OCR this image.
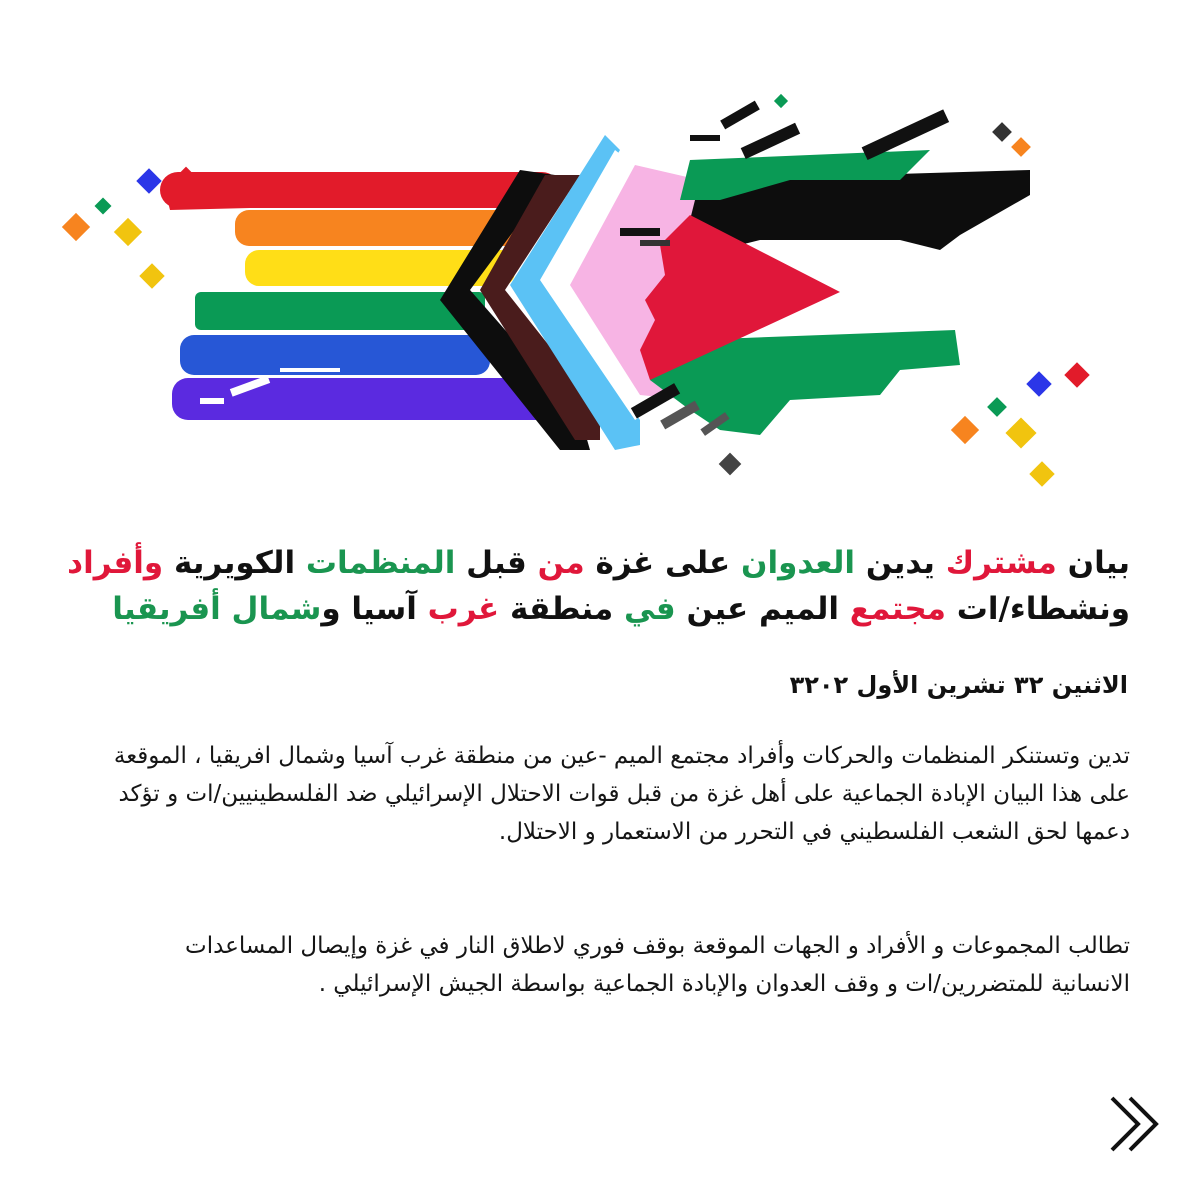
بيان مشترك يدين العدوان على غزة من قبل المنظمات الكويرية وأفراد ونشطاء/ات مجتمع الميم عين في منطقة غرب آسيا وشمال أفريقيا
الاثنين ٣٢ تشرين الأول ٣٢٠٢
تدين وتستنكر المنظمات والحركات وأفراد مجتمع الميم -عين من منطقة غرب آسيا وشمال افريقيا ، الموقعة على هذا البيان الإبادة الجماعية على أهل غزة من قبل قوات الاحتلال الإسرائيلي ضد الفلسطينيين/ات و تؤكد دعمها لحق الشعب الفلسطيني في التحرر من الاستعمار و الاحتلال.
تطالب المجموعات و الأفراد و الجهات الموقعة بوقف فوري لاطلاق النار في غزة وإيصال المساعدات الانسانية للمتضررين/ات و وقف العدوان والإبادة الجماعية بواسطة الجيش الإسرائيلي .
